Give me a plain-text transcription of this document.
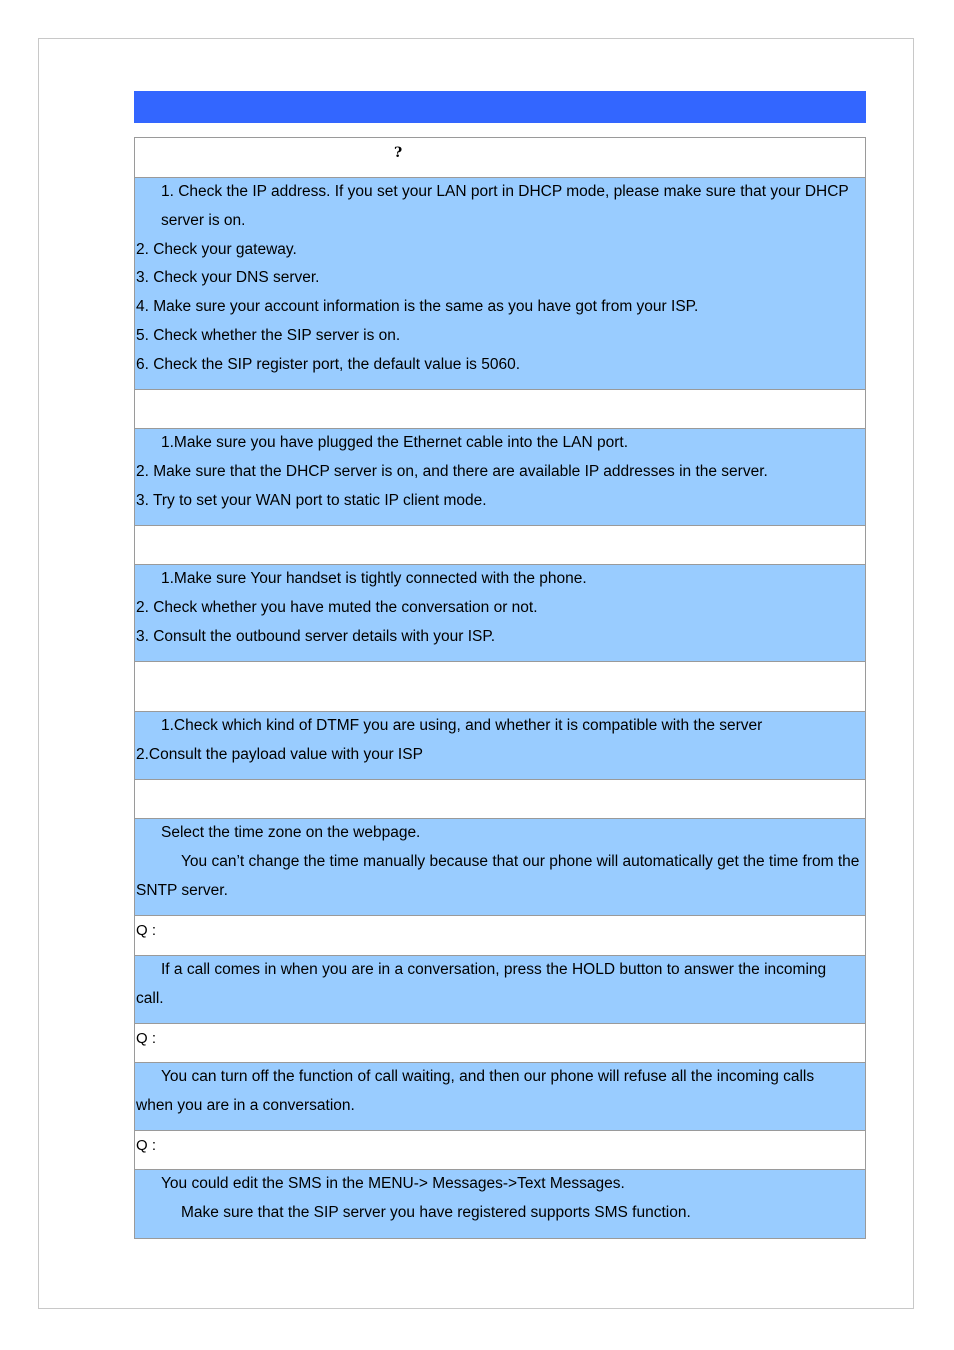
?
1. Check the IP address. If you set your LAN port in DHCP mode, please make sure that your DHCP server is on.
2. Check your gateway.
3. Check your DNS server.
4. Make sure your account information is the same as you have got from your ISP.
5. Check whether the SIP server is on.
6. Check the SIP register port, the default value is 5060.
1.Make sure you have plugged the Ethernet cable into the LAN port.
2. Make sure that the DHCP server is on, and there are available IP addresses in the server.
3. Try to set your WAN port to static IP client mode.
1.Make sure Your handset is tightly connected with the phone.
2. Check whether you have muted the conversation or not.
3. Consult the outbound server details with your ISP.
1.Check which kind of DTMF you are using, and whether it is compatible with the server
2.Consult the payload value with your ISP
Select the time zone on the webpage.
You can’t change the time manually because that our phone will automatically get the time from the SNTP server.
Q :
If a call comes in when you are in a conversation, press the HOLD button to answer the incoming call.
Q :
You can turn off the function of call waiting, and then our phone will refuse all the incoming calls when you are in a conversation.
Q :
You could edit the SMS in the MENU-> Messages->Text Messages.
Make sure that the SIP server you have registered supports SMS function.
